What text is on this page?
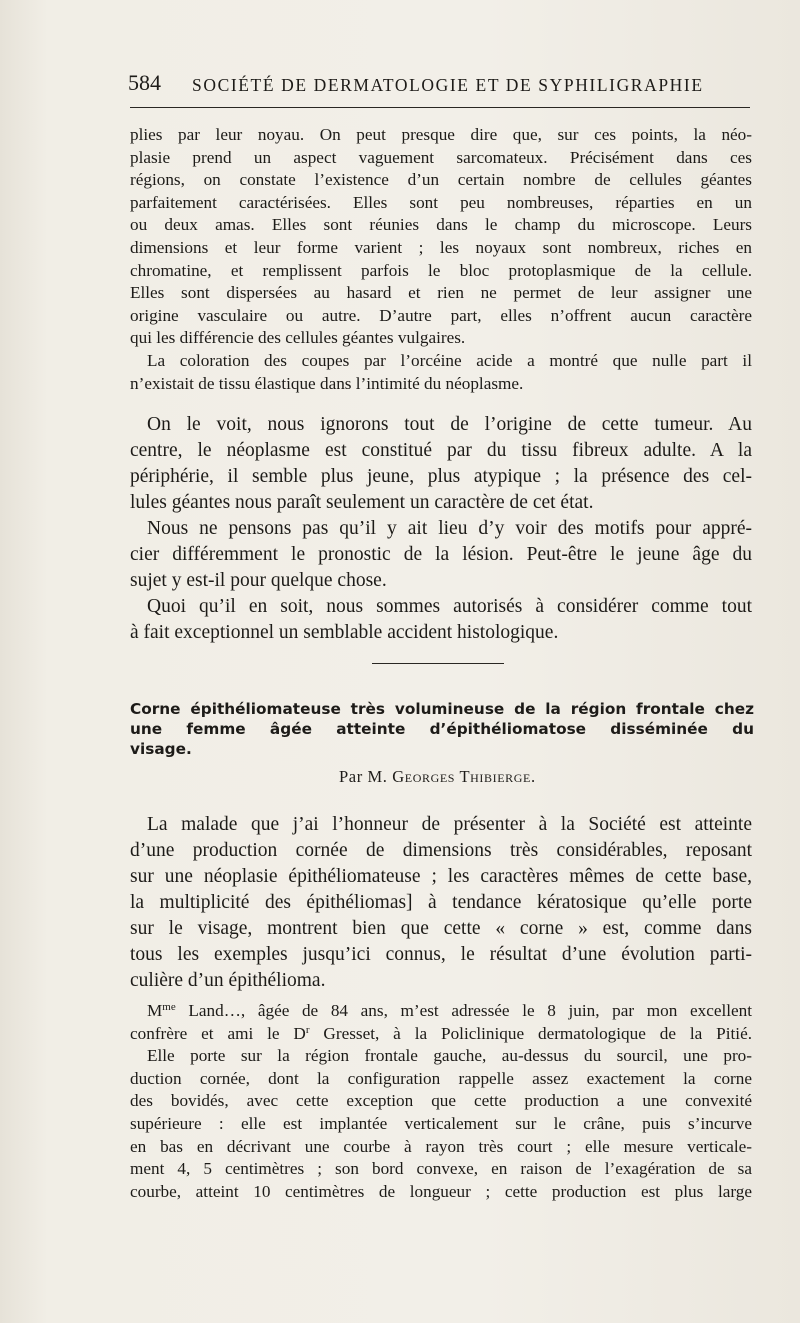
584 SOCIÉTÉ DE DERMATOLOGIE ET DE SYPHILIGRAPHIE
plies par leur noyau. On peut presque dire que, sur ces points, la néo-
plasie prend un aspect vaguement sarcomateux. Précisément dans ces
régions, on constate l’existence d’un certain nombre de cellules géantes
parfaitement caractérisées. Elles sont peu nombreuses, réparties en un
ou deux amas. Elles sont réunies dans le champ du microscope. Leurs
dimensions et leur forme varient ; les noyaux sont nombreux, riches en
chromatine, et remplissent parfois le bloc protoplasmique de la cellule.
Elles sont dispersées au hasard et rien ne permet de leur assigner une
origine vasculaire ou autre. D’autre part, elles n’offrent aucun caractère
qui les différencie des cellules géantes vulgaires.
La coloration des coupes par l’orcéine acide a montré que nulle part il
n’existait de tissu élastique dans l’intimité du néoplasme.
On le voit, nous ignorons tout de l’origine de cette tumeur. Au
centre, le néoplasme est constitué par du tissu fibreux adulte. A la
périphérie, il semble plus jeune, plus atypique ; la présence des cel-
lules géantes nous paraît seulement un caractère de cet état.
Nous ne pensons pas qu’il y ait lieu d’y voir des motifs pour appré-
cier différemment le pronostic de la lésion. Peut-être le jeune âge du
sujet y est-il pour quelque chose.
Quoi qu’il en soit, nous sommes autorisés à considérer comme tout
à fait exceptionnel un semblable accident histologique.
Corne épithéliomateuse très volumineuse de la région frontale chez
une femme âgée atteinte d’épithéliomatose disséminée du
visage.
Par M. Georges Thibierge.
La malade que j’ai l’honneur de présenter à la Société est atteinte
d’une production cornée de dimensions très considérables, reposant
sur une néoplasie épithéliomateuse ; les caractères mêmes de cette base,
la multiplicité des épithéliomas] à tendance kératosique qu’elle porte
sur le visage, montrent bien que cette « corne » est, comme dans
tous les exemples jusqu’ici connus, le résultat d’une évolution parti-
culière d’un épithélioma.
$M^{me}$ Land…, âgée de 84 ans, m’est adressée le 8 juin, par mon excellent
confrère et ami le $D^r$ Gresset, à la Policlinique dermatologique de la Pitié.
Elle porte sur la région frontale gauche, au-dessus du sourcil, une pro-
duction cornée, dont la configuration rappelle assez exactement la corne
des bovidés, avec cette exception que cette production a une convexité
supérieure : elle est implantée verticalement sur le crâne, puis s’incurve
en bas en décrivant une courbe à rayon très court ; elle mesure verticale-
ment 4, 5 centimètres ; son bord convexe, en raison de l’exagération de sa
courbe, atteint 10 centimètres de longueur ; cette production est plus large
